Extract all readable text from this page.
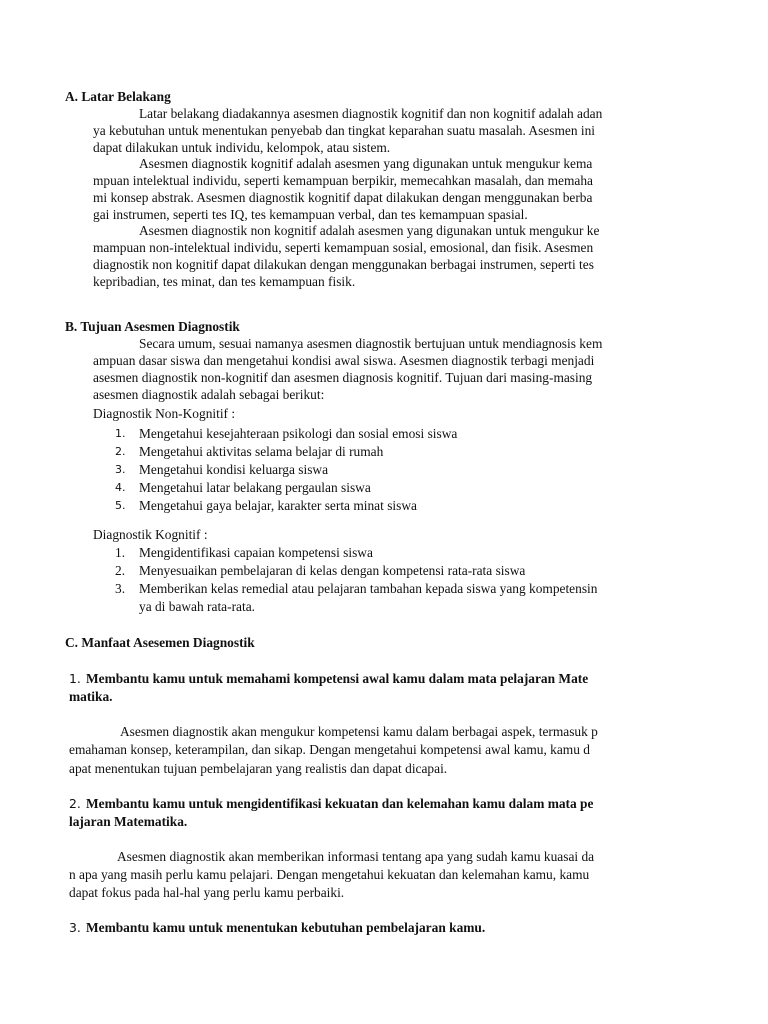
A. Latar Belakang

Latar belakang diadakannya asesmen diagnostik kognitif dan non kognitif adalah adan

ya kebutuhan untuk menentukan penyebab dan tingkat keparahan suatu masalah. Asesmen ini

dapat dilakukan untuk individu, kelompok, atau sistem.

Asesmen diagnostik kognitif adalah asesmen yang digunakan untuk mengukur kema

mpuan intelektual individu, seperti kemampuan berpikir, memecahkan masalah, dan memaha

mi konsep abstrak. Asesmen diagnostik kognitif dapat dilakukan dengan menggunakan berba

gai instrumen, seperti tes IQ, tes kemampuan verbal, dan tes kemampuan spasial.

Asesmen diagnostik non kognitif adalah asesmen yang digunakan untuk mengukur ke

mampuan non-intelektual individu, seperti kemampuan sosial, emosional, dan fisik. Asesmen

diagnostik non kognitif dapat dilakukan dengan menggunakan berbagai instrumen, seperti tes

kepribadian, tes minat, dan tes kemampuan fisik.

B. Tujuan Asesmen Diagnostik

Secara umum, sesuai namanya asesmen diagnostik bertujuan untuk mendiagnosis kem

ampuan dasar siswa dan mengetahui kondisi awal siswa. Asesmen diagnostik terbagi menjadi

asesmen diagnostik non-kognitif dan asesmen diagnosis kognitif. Tujuan dari masing-masing

asesmen diagnostik adalah sebagai berikut:

Diagnostik Non-Kognitif :

1. Mengetahui kesejahteraan psikologi dan sosial emosi siswa

2. Mengetahui aktivitas selama belajar di rumah

3. Mengetahui kondisi keluarga siswa

4. Mengetahui latar belakang pergaulan siswa

5. Mengetahui gaya belajar, karakter serta minat siswa

Diagnostik Kognitif :

1. Mengidentifikasi capaian kompetensi siswa

2. Menyesuaikan pembelajaran di kelas dengan kompetensi rata-rata siswa

3. Memberikan kelas remedial atau pelajaran tambahan kepada siswa yang kompetensin

ya di bawah rata-rata.

C. Manfaat Asesemen Diagnostik

1. Membantu kamu untuk memahami kompetensi awal kamu dalam mata pelajaran Mate

matika.

Asesmen diagnostik akan mengukur kompetensi kamu dalam berbagai aspek, termasuk p

emahaman konsep, keterampilan, dan sikap. Dengan mengetahui kompetensi awal kamu, kamu d

apat menentukan tujuan pembelajaran yang realistis dan dapat dicapai.

2. Membantu kamu untuk mengidentifikasi kekuatan dan kelemahan kamu dalam mata pe

lajaran Matematika.

Asesmen diagnostik akan memberikan informasi tentang apa yang sudah kamu kuasai da

n apa yang masih perlu kamu pelajari. Dengan mengetahui kekuatan dan kelemahan kamu, kamu

dapat fokus pada hal-hal yang perlu kamu perbaiki.

3. Membantu kamu untuk menentukan kebutuhan pembelajaran kamu.
